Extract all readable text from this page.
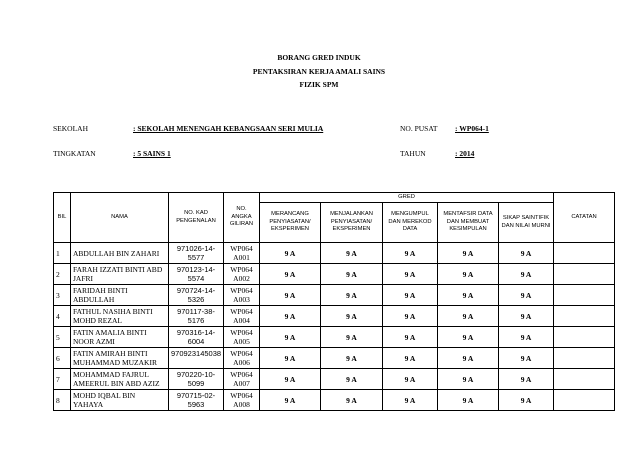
BORANG GRED INDUK
PENTAKSIRAN KERJA AMALI SAINS
FIZIK SPM
SEKOLAH	: SEKOLAH MENENGAH KEBANGSAAN SERI MULIA	NO. PUSAT : WP064-1
TINGKATAN	: 5 SAINS 1	TAHUN	: 2014
BIL	NAMA	NO. KAD PENGENALAN	NO. ANGKA GILIRAN	GRED					CATATAN
				MERANCANG PENYIASATAN/ EKSPERIMEN	MENJALANKAN PENYIASATAN/ EKSPERIMEN	MENGUMPUL DAN MEREKOD DATA	MENTAFSIR DATA DAN MEMBUAT KESIMPULAN	SIKAP SAINTIFIK DAN NILAI MURNI	
1	ABDULLAH BIN ZAHARI	971026-14-5577	WP064 A001	9 A	9 A	9 A	9 A	9 A	
2	FARAH IZZATI BINTI ABD JAFRI	970123-14-5574	WP064 A002	9 A	9 A	9 A	9 A	9 A	
3	FARIDAH BINTI ABDULLAH	970724-14-5326	WP064 A003	9 A	9 A	9 A	9 A	9 A	
4	FATHUL NASIHA BINTI MOHD REZAL	970117-38-5176	WP064 A004	9 A	9 A	9 A	9 A	9 A	
5	FATIN AMALIA BINTI NOOR AZMI	970316-14-6004	WP064 A005	9 A	9 A	9 A	9 A	9 A	
6	FATIN AMIRAH BINTI MUHAMMAD MUZAKIR	970923145038	WP064 A006	9 A	9 A	9 A	9 A	9 A	
7	MOHAMMAD FAJRUL AMEERUL BIN ABD AZIZ	970220-10-5099	WP064 A007	9 A	9 A	9 A	9 A	9 A	
8	MOHD IQBAL BIN YAHAYA	970715-02-5963	WP064 A008	9 A	9 A	9 A	9 A	9 A	
